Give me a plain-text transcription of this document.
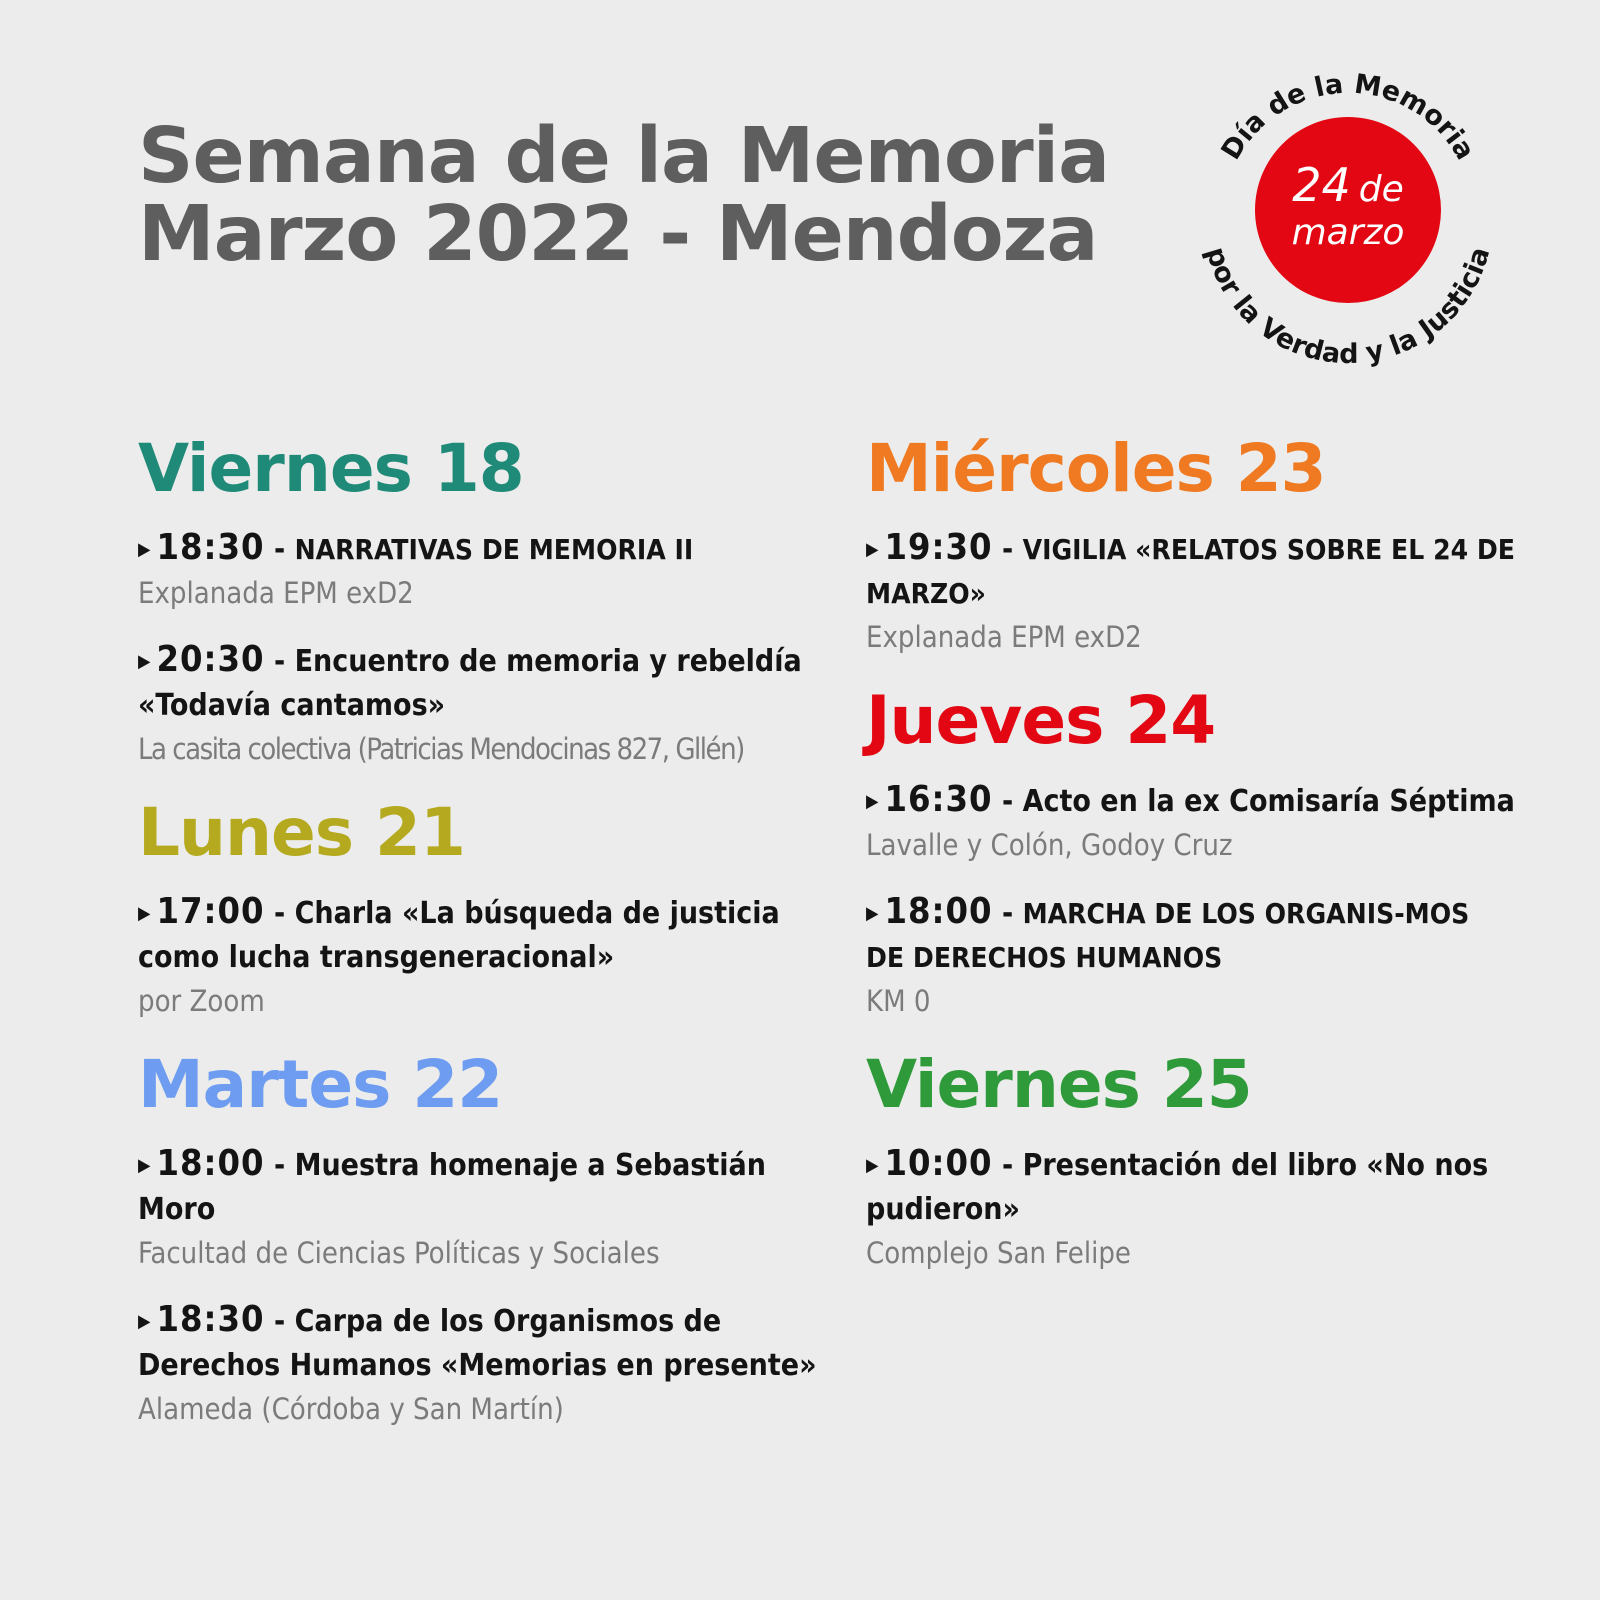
Semana de la Memoria
Marzo 2022 - Mendoza
Día de la Memoria
por la Verdad y la Justicia
24 de
marzo
Viernes 18
▶ 18:30 - NARRATIVAS DE MEMORIA II
Explanada EPM exD2
▶ 20:30 - Encuentro de memoria y rebeldía «Todavía cantamos»
La casita colectiva (Patricias Mendocinas 827, Gllén)
Lunes 21
▶ 17:00 - Charla «La búsqueda de justicia como lucha transgeneracional»
por Zoom
Martes 22
▶ 18:00 - Muestra homenaje a Sebastián Moro
Facultad de Ciencias Políticas y Sociales
▶ 18:30 - Carpa de los Organismos de Derechos Humanos «Memorias en presente»
Alameda (Córdoba y San Martín)
Miércoles 23
▶ 19:30 - VIGILIA «RELATOS SOBRE EL 24 DE MARZO»
Explanada EPM exD2
Jueves 24
▶ 16:30 - Acto en la ex Comisaría Séptima
Lavalle y Colón, Godoy Cruz
▶ 18:00 - MARCHA DE LOS ORGANIS-MOS DE DERECHOS HUMANOS
KM 0
Viernes 25
▶ 10:00 - Presentación del libro «No nos pudieron»
Complejo San Felipe
